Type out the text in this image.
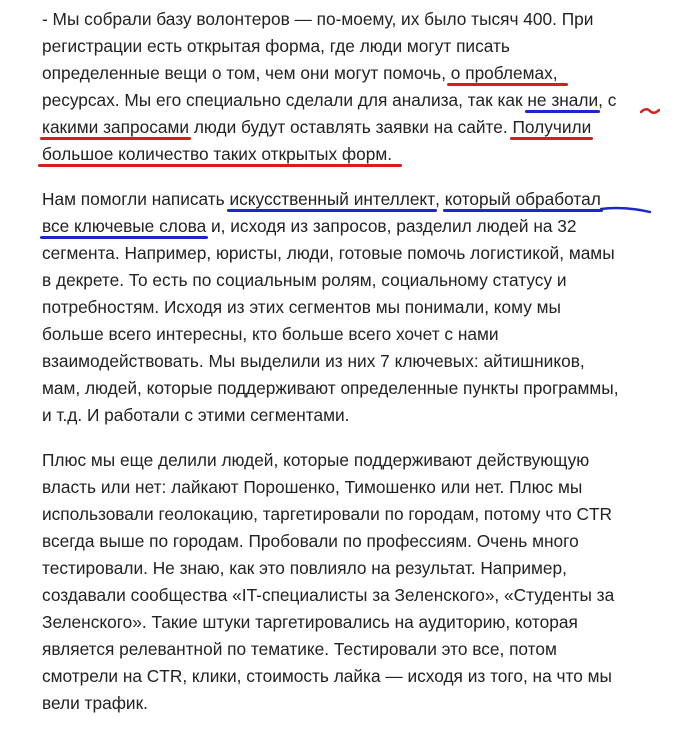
- Мы собрали базу волонтеров — по-моему, их было тысяч 400. При
регистрации есть открытая форма, где люди могут писать
определенные вещи о том, чем они могут помочь, о проблемах,
ресурсах. Мы его специально сделали для анализа, так как не знали, с
какими запросами люди будут оставлять заявки на сайте. Получили
большое количество таких открытых форм.

Нам помогли написать искусственный интеллект, который обработал
все ключевые слова и, исходя из запросов, разделил людей на 32
сегмента. Например, юристы, люди, готовые помочь логистикой, мамы
в декрете. То есть по социальным ролям, социальному статусу и
потребностям. Исходя из этих сегментов мы понимали, кому мы
больше всего интересны, кто больше всего хочет с нами
взаимодействовать. Мы выделили из них 7 ключевых: айтишников,
мам, людей, которые поддерживают определенные пункты программы,
и т.д. И работали с этими сегментами.

Плюс мы еще делили людей, которые поддерживают действующую
власть или нет: лайкают Порошенко, Тимошенко или нет. Плюс мы
использовали геолокацию, таргетировали по городам, потому что CTR
всегда выше по городам. Пробовали по профессиям. Очень много
тестировали. Не знаю, как это повлияло на результат. Например,
создавали сообщества «IT-специалисты за Зеленского», «Студенты за
Зеленского». Такие штуки таргетировались на аудиторию, которая
является релевантной по тематике. Тестировали это все, потом
смотрели на CTR, клики, стоимость лайка — исходя из того, на что мы
вели трафик.
